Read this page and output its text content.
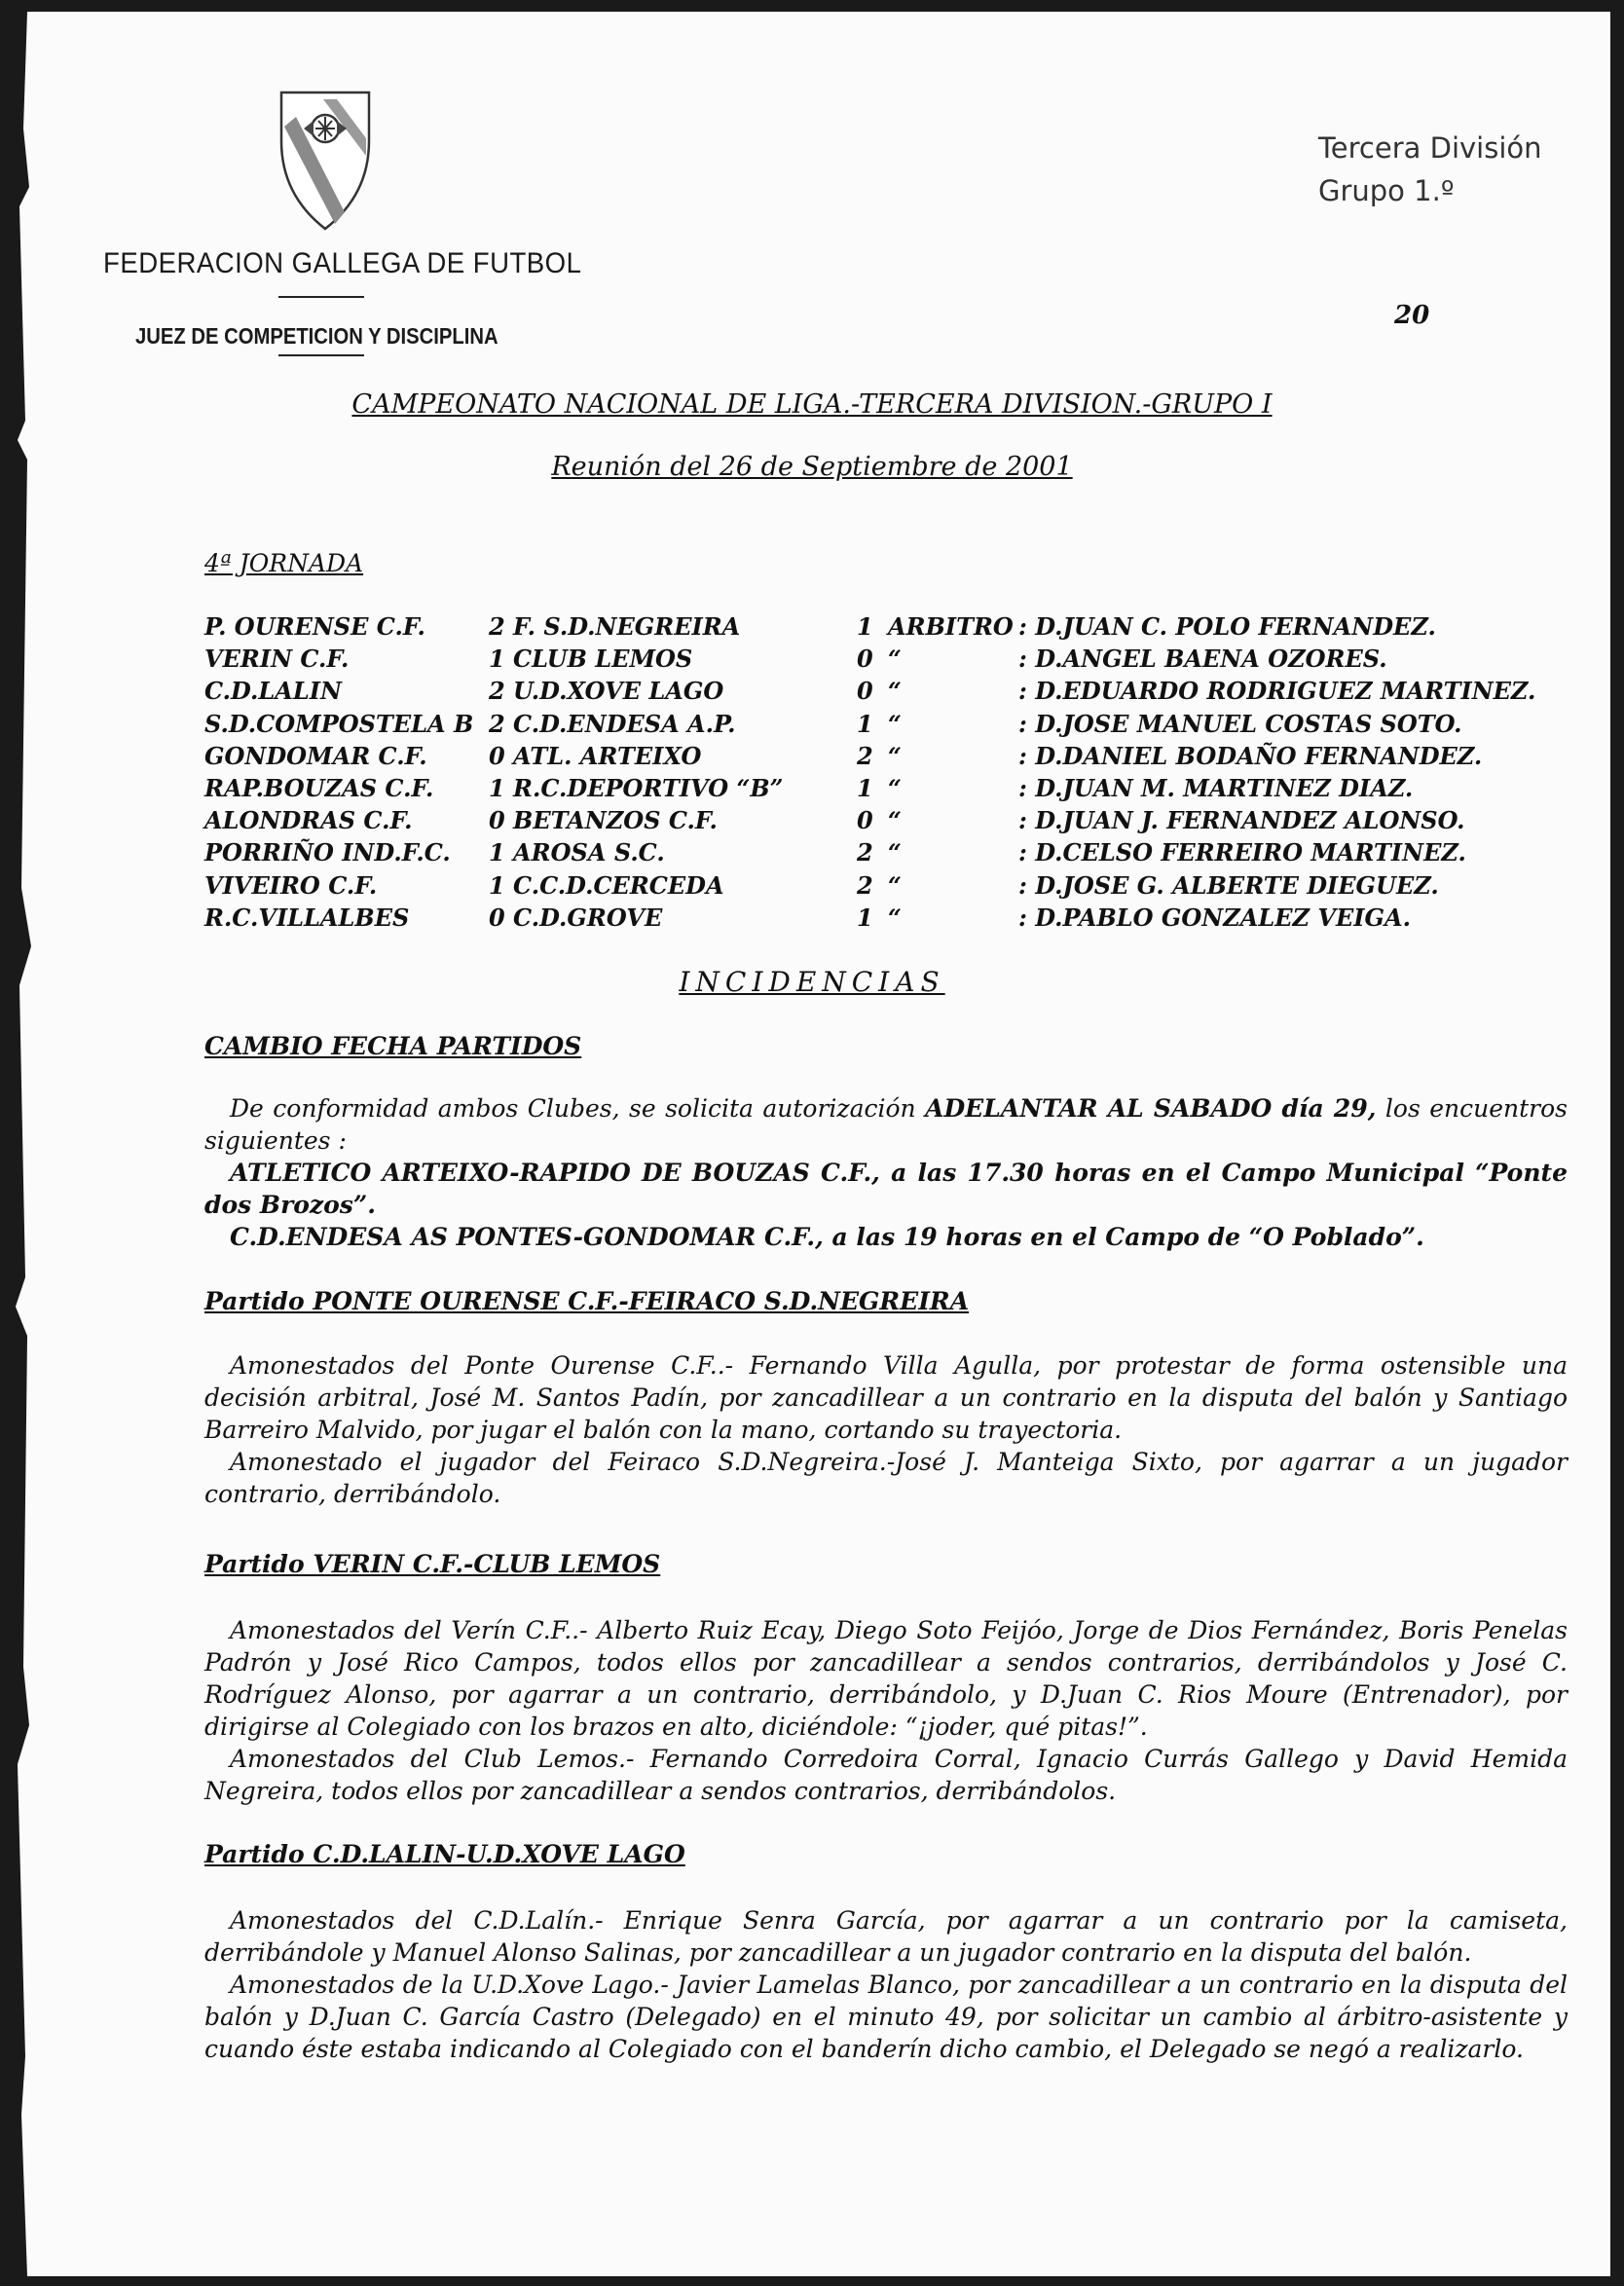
FEDERACION GALLEGA DE FUTBOL
JUEZ DE COMPETICION Y DISCIPLINA
Tercera División
Grupo 1.º
20
CAMPEONATO NACIONAL DE LIGA.-TERCERA DIVISION.-GRUPO I
Reunión del 26 de Septiembre de 2001
4ª JORNADA
P. OURENSE C.F.	2 F. S.D.NEGREIRA	1 ARBITRO : D.JUAN C. POLO FERNANDEZ.
VERIN C.F.	1 CLUB LEMOS	0 “	: D.ANGEL BAENA OZORES.
C.D.LALIN	2 U.D.XOVE LAGO	0 “	: D.EDUARDO RODRIGUEZ MARTINEZ.
S.D.COMPOSTELA B 2 C.D.ENDESA A.P.	1 “	: D.JOSE MANUEL COSTAS SOTO.
GONDOMAR C.F.	0 ATL. ARTEIXO	2 “	: D.DANIEL BODAÑO FERNANDEZ.
RAP.BOUZAS C.F. 1 R.C.DEPORTIVO “B”	1 “	: D.JUAN M. MARTINEZ DIAZ.
ALONDRAS C.F.	0 BETANZOS C.F.	0 “	: D.JUAN J. FERNANDEZ ALONSO.
PORRIÑO IND.F.C. 1 AROSA S.C.	2 “	: D.CELSO FERREIRO MARTINEZ.
VIVEIRO C.F.	1 C.C.D.CERCEDA	2 “	: D.JOSE G. ALBERTE DIEGUEZ.
R.C.VILLALBES	0 C.D.GROVE	1 “	: D.PABLO GONZALEZ VEIGA.
INCIDENCIAS
CAMBIO FECHA PARTIDOS

De conformidad ambos Clubes, se solicita autorización ADELANTAR AL SABADO día 29, los encuentros siguientes :

ATLETICO ARTEIXO-RAPIDO DE BOUZAS C.F., a las 17.30 horas en el Campo Municipal “Ponte dos Brozos”.

C.D.ENDESA AS PONTES-GONDOMAR C.F., a las 19 horas en el Campo de “O Poblado”.

Partido PONTE OURENSE C.F.-FEIRACO S.D.NEGREIRA

Amonestados del Ponte Ourense C.F..- Fernando Villa Agulla, por protestar de forma ostensible una decisión arbitral, José M. Santos Padín, por zancadillear a un contrario en la disputa del balón y Santiago Barreiro Malvido, por jugar el balón con la mano, cortando su trayectoria.

Amonestado el jugador del Feiraco S.D.Negreira.-José J. Manteiga Sixto, por agarrar a un jugador contrario, derribándolo.

Partido VERIN C.F.-CLUB LEMOS

Amonestados del Verín C.F..- Alberto Ruiz Ecay, Diego Soto Feijóo, Jorge de Dios Fernández, Boris Penelas Padrón y José Rico Campos, todos ellos por zancadillear a sendos contrarios, derribándolos y José C. Rodríguez Alonso, por agarrar a un contrario, derribándolo, y D.Juan C. Rios Moure (Entrenador), por dirigirse al Colegiado con los brazos en alto, diciéndole: “¡joder, qué pitas!”.

Amonestados del Club Lemos.- Fernando Corredoira Corral, Ignacio Currás Gallego y David Hemida Negreira, todos ellos por zancadillear a sendos contrarios, derribándolos.

Partido C.D.LALIN-U.D.XOVE LAGO

Amonestados del C.D.Lalín.- Enrique Senra García, por agarrar a un contrario por la camiseta, derribándole y Manuel Alonso Salinas, por zancadillear a un jugador contrario en la disputa del balón.

Amonestados de la U.D.Xove Lago.- Javier Lamelas Blanco, por zancadillear a un contrario en la disputa del balón y D.Juan C. García Castro (Delegado) en el minuto 49, por solicitar un cambio al árbitro-asistente y cuando éste estaba indicando al Colegiado con el banderín dicho cambio, el Delegado se negó a realizarlo.
